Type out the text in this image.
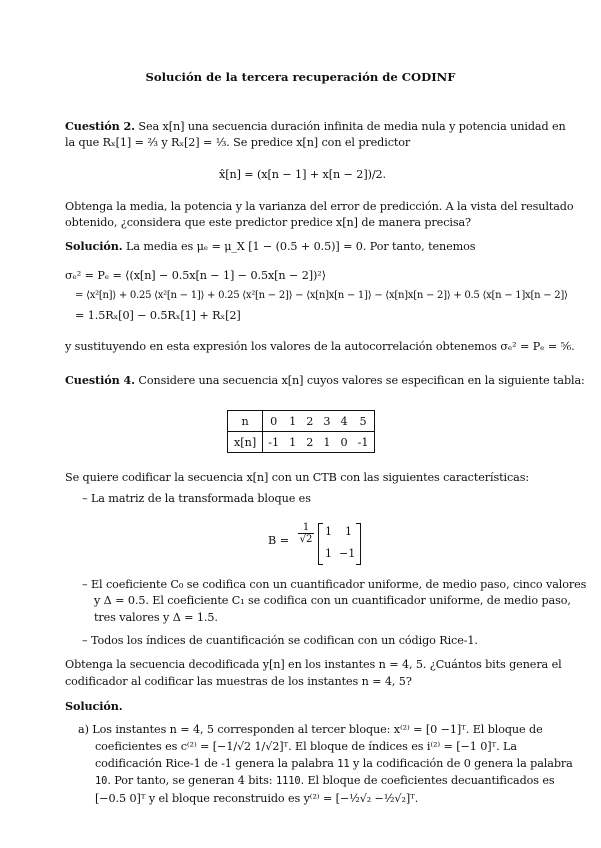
Solución de la tercera recuperación de CODINF
Cuestión 2. Sea x[n] una secuencia duración infinita de media nula y potencia unidad en
la que Rₓ[1] = ²⁄₃ y Rₓ[2] = ¹⁄₃. Se predice x[n] con el predictor
x̂[n] = (x[n − 1] + x[n − 2])/2.
Obtenga la media, la potencia y la varianza del error de predicción. A la vista del resultado
obtenido, ¿considera que este predictor predice x[n] de manera precisa?
Solución. La media es μₑ = μ_X [1 − (0.5 + 0.5)] = 0. Por tanto, tenemos
σₑ² = Pₑ = ⟨(x[n] − 0.5x[n − 1] − 0.5x[n − 2])²⟩
= ⟨x²[n]⟩ + 0.25 ⟨x²[n − 1]⟩ + 0.25 ⟨x²[n − 2]⟩ − ⟨x[n]x[n − 1]⟩ − ⟨x[n]x[n − 2]⟩ + 0.5 ⟨x[n − 1]x[n − 2]⟩
= 1.5Rₓ[0] − 0.5Rₓ[1] + Rₓ[2]
y sustituyendo en esta expresión los valores de la autocorrelación obtenemos σₑ² = Pₑ = ⁵⁄₆.
Cuestión 4. Considere una secuencia x[n] cuyos valores se especifican en la siguiente tabla:
n	0	1	2	3	4	5
x[n]	-1	1	2	1	0	-1
Se quiere codificar la secuencia x[n] con un CTB con las siguientes características:
– La matriz de la transformada bloque es
$B = \frac{1}{√2} 1$ 1
1 −1
– El coeficiente C₀ se codifica con un cuantificador uniforme, de medio paso, cinco valores
y Δ = 0.5. El coeficiente C₁ se codifica con un cuantificador uniforme, de medio paso,
tres valores y Δ = 1.5.
– Todos los índices de cuantificación se codifican con un código Rice-1.
Obtenga la secuencia decodificada y[n] en los instantes n = 4, 5. ¿Cuántos bits genera el
codificador al codificar las muestras de los instantes n = 4, 5?
Solución.
a) Los instantes n = 4, 5 corresponden al tercer bloque: x⁽²⁾ = [0 −1]ᵀ. El bloque de
coeficientes es c⁽²⁾ = [−1/√2 1/√2]ᵀ. El bloque de índices es i⁽²⁾ = [−1 0]ᵀ. La
codificación Rice-1 de -1 genera la palabra 11 y la codificación de 0 genera la palabra
10. Por tanto, se generan 4 bits: 1110. El bloque de coeficientes decuantificados es
[−0.5 0]ᵀ y el bloque reconstruido es y⁽²⁾ = [−¹⁄₂√₂ −¹⁄₂√₂]ᵀ.
